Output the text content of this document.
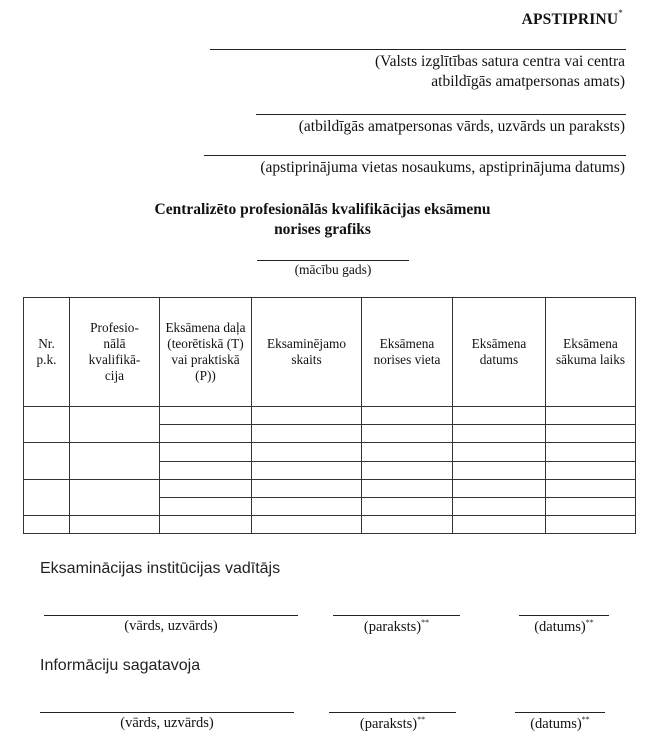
APSTIPRINU*
(Valsts izglītības satura centra vai centra
atbildīgās amatpersonas amats)
(atbildīgās amatpersonas vārds, uzvārds un paraksts)
(apstiprinājuma vietas nosaukums, apstiprinājuma datums)
Centralizēto profesionālās kvalifikācijas eksāmenu
norises grafiks
(mācību gads)
Nr. p.k.	Profesio-nālā kvalifikā-cija	Eksāmena daļa (teorētiskā (T) vai praktiskā (P))	Eksaminējamo skaits	Eksāmena norises vieta	Eksāmena datums	Eksāmena sākuma laiks

Eksaminācijas institūcijas vadītājs
(vārds, uzvārds)	(paraksts)**	(datums)**
Informāciju sagatavoja
(vārds, uzvārds)	(paraksts)**	(datums)**
